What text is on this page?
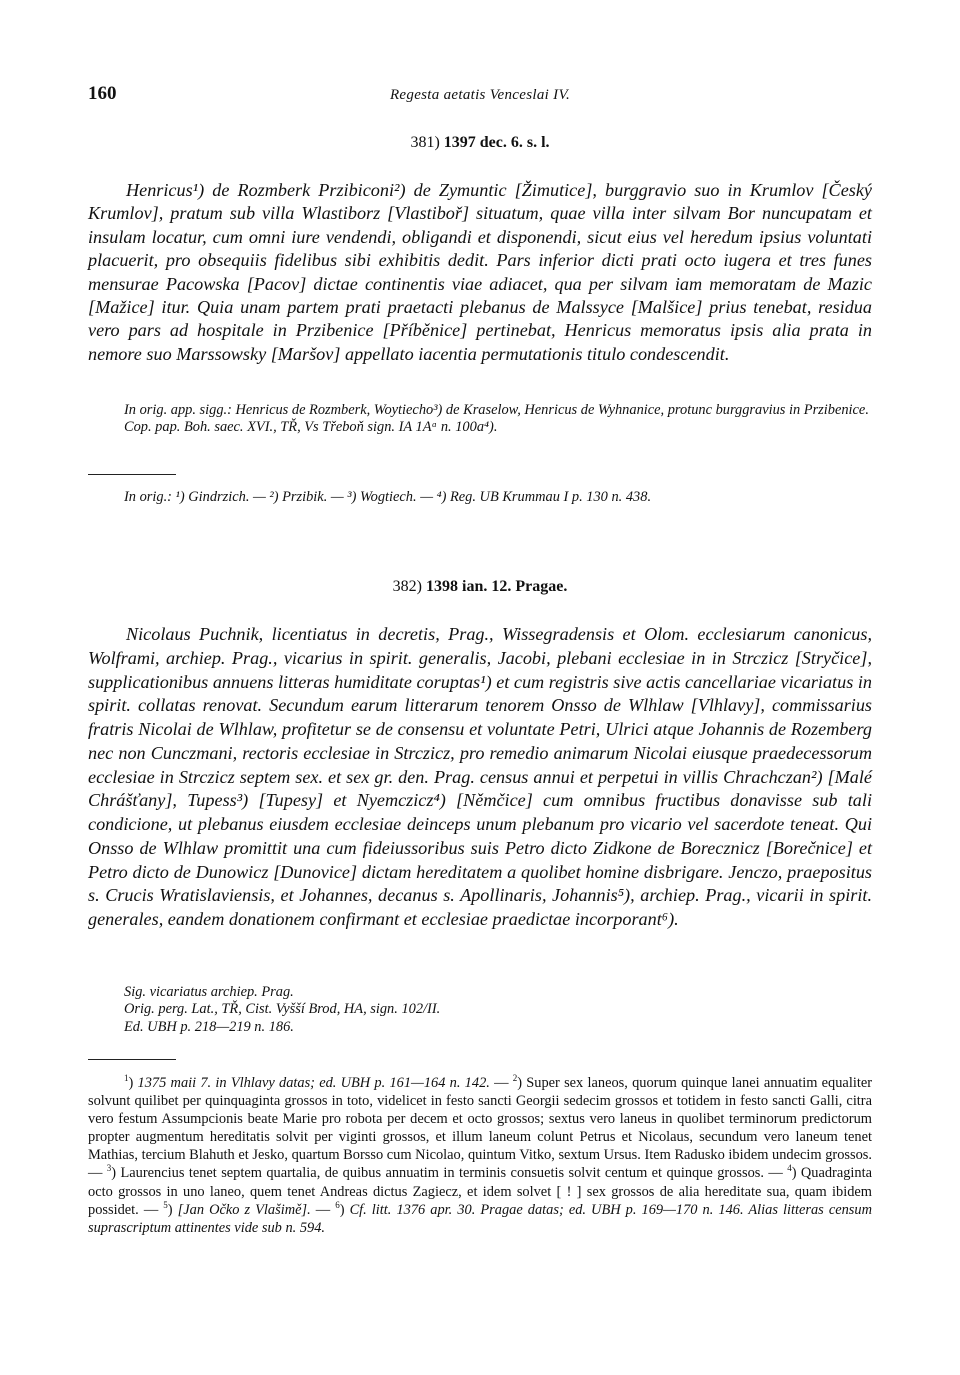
160	Regesta aetatis Venceslai IV.
381) 1397 dec. 6. s. l.

Henricus¹) de Rozmberk Przibiconi²) de Zymuntic [Žimutice], burggravio suo in Krumlov [Český Krumlov], pratum sub villa Wlastiborz [Vlastiboř] situatum, quae villa inter silvam Bor nuncupatam et insulam locatur, cum omni iure vendendi, obligandi et disponendi, sicut eius vel heredum ipsius voluntati placuerit, pro obsequiis fidelibus sibi exhibitis dedit. Pars inferior dicti prati octo iugera et tres funes mensurae Pacowska [Pacov] dictae continentis viae adiacet, qua per silvam iam memoratam de Mazic [Mažice] itur. Quia unam partem prati praetacti plebanus de Malssyce [Malšice] prius tenebat, residua vero pars ad hospitale in Przibenice [Příběnice] pertinebat, Henricus memoratus ipsis alia prata in nemore suo Marssowsky [Maršov] appellato iacentia permutationis titulo condescendit.

In orig. app. sigg.: Henricus de Rozmberk, Woytiecho³) de Kraselow, Henricus de Wyhnanice, protunc burggravius in Przibenice.
Cop. pap. Boh. saec. XVI., TŘ, Vs Třeboň sign. IA 1Aᵅ n. 100a⁴).
In orig.: ¹) Gindrzich. — ²) Przibik. — ³) Wogtiech. — ⁴) Reg. UB Krummau I p. 130 n. 438.
382) 1398 ian. 12. Pragae.

Nicolaus Puchnik, licentiatus in decretis, Prag., Wissegradensis et Olom. ecclesiarum canonicus, Wolframi, archiep. Prag., vicarius in spirit. generalis, Jacobi, plebani ecclesiae in in Strczicz [Stryčice], supplicationibus annuens litteras humiditate coruptas¹) et cum registris sive actis cancellariae vicariatus in spirit. collatas renovat. Secundum earum litterarum tenorem Onsso de Wlhlaw [Vlhlavy], commissarius fratris Nicolai de Wlhlaw, profitetur se de consensu et voluntate Petri, Ulrici atque Johannis de Rozemberg nec non Cunczmani, rectoris ecclesiae in Strczicz, pro remedio animarum Nicolai eiusque praedecessorum ecclesiae in Strczicz septem sex. et sex gr. den. Prag. census annui et perpetui in villis Chrachczan²) [Malé Chrášťany], Tupess³) [Tupesy] et Nyemczicz⁴) [Němčice] cum omnibus fructibus donavisse sub tali condicione, ut plebanus eiusdem ecclesiae deinceps unum plebanum pro vicario vel sacerdote teneat. Qui Onsso de Wlhlaw promittit una cum fideiussoribus suis Petro dicto Zidkone de Borecznicz [Borečnice] et Petro dicto de Dunowicz [Dunovice] dictam hereditatem a quolibet homine disbrigare. Jenczo, praepositus s. Crucis Wratislaviensis, et Johannes, decanus s. Apollinaris, Johannis⁵), archiep. Prag., vicarii in spirit. generales, eandem donationem confirmant et ecclesiae praedictae incorporant⁶).

Sig. vicariatus archiep. Prag.
Orig. perg. Lat., TŘ, Cist. Vyšší Brod, HA, sign. 102/II.
Ed. UBH p. 218—219 n. 186.

$^1$) 1375 maii 7. in Vlhlavy datas; ed. UBH p. 161—164 n. 142. — $^2$) Super sex laneos, quorum quinque lanei annuatim equaliter solvunt quilibet per quinquaginta grossos in toto, videlicet in festo sancti Georgii sedecim grossos et totidem in festo sancti Galli, citra vero festum Assumpcionis beate Marie pro robota per decem et octo grossos; sextus vero laneus in quolibet terminorum predictorum propter augmentum hereditatis solvit per viginti grossos, et illum laneum colunt Petrus et Nicolaus, secundum vero laneum tenet Mathias, tercium Blahuth et Jesko, quartum Borsso cum Nicolao, quintum Vitko, sextum Ursus. Item Radusko ibidem undecim grossos. — $^3$) Laurencius tenet septem quartalia, de quibus annuatim in terminis consuetis solvit centum et quinque grossos. — $^4$) Quadraginta octo grossos in uno laneo, quem tenet Andreas dictus Zagiecz, et idem solvet [ ! ] sex grossos de alia hereditate sua, quam ibidem possidet. — $^5$) [Jan Očko z Vlašimě]. — $^6$) Cf. litt. 1376 apr. 30. Pragae datas; ed. UBH p. 169—170 n. 146. Alias litteras censum suprascriptum attinentes vide sub n. 594.
